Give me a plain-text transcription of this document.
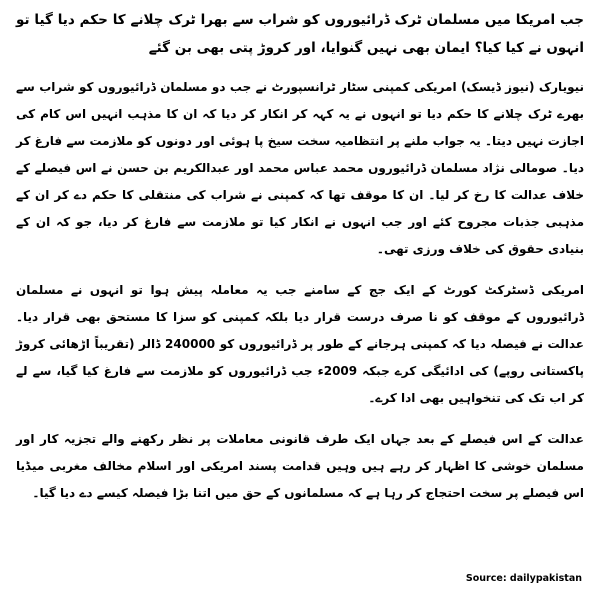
جب امریکا میں مسلمان ٹرک ڈرائیوروں کو شراب سے بھرا ٹرک چلانے کا حکم دیا گیا تو انہوں نے کیا کیا؟ ایمان بھی نہیں گنوایا، اور کروڑ پتی بھی بن گئے

نیویارک (نیوز ڈیسک) امریکی کمپنی سٹار ٹرانسپورٹ نے جب دو مسلمان ڈرائیوروں کو شراب سے بھرے ٹرک چلانے کا حکم دیا تو انہوں نے یہ کہہ کر انکار کر دیا کہ ان کا مذہب انہیں اس کام کی اجازت نہیں دیتا۔ یہ جواب ملنے پر انتظامیہ سخت سیخ پا ہوئی اور دونوں کو ملازمت سے فارغ کر دیا۔ صومالی نژاد مسلمان ڈرائیوروں محمد عباس محمد اور عبدالکریم بن حسن نے اس فیصلے کے خلاف عدالت کا رخ کر لیا۔ ان کا موقف تھا کہ کمپنی نے شراب کی منتقلی کا حکم دے کر ان کے مذہبی جذبات مجروح کئے اور جب انہوں نے انکار کیا تو ملازمت سے فارغ کر دیا، جو کہ ان کے بنیادی حقوق کی خلاف ورزی تھی۔

امریکی ڈسٹرکٹ کورٹ کے ایک جج کے سامنے جب یہ معاملہ پیش ہوا تو انہوں نے مسلمان ڈرائیوروں کے موقف کو نا صرف درست قرار دیا بلکہ کمپنی کو سزا کا مستحق بھی قرار دیا۔ عدالت نے فیصلہ دیا کہ کمپنی ہرجانے کے طور پر ڈرائیوروں کو 240000 ڈالر (تقریباً اڑھائی کروڑ پاکستانی روپے) کی ادائیگی کرے جبکہ 2009ء جب ڈرائیوروں کو ملازمت سے فارغ کیا گیا، سے لے کر اب تک کی تنخواہیں بھی ادا کرے۔

عدالت کے اس فیصلے کے بعد جہاں ایک طرف قانونی معاملات پر نظر رکھنے والے تجزیہ کار اور مسلمان خوشی کا اظہار کر رہے ہیں وہیں قدامت پسند امریکی اور اسلام مخالف مغربی میڈیا اس فیصلے پر سخت احتجاج کر رہا ہے کہ مسلمانوں کے حق میں اتنا بڑا فیصلہ کیسے دے دیا گیا۔

Source: dailypakistan
